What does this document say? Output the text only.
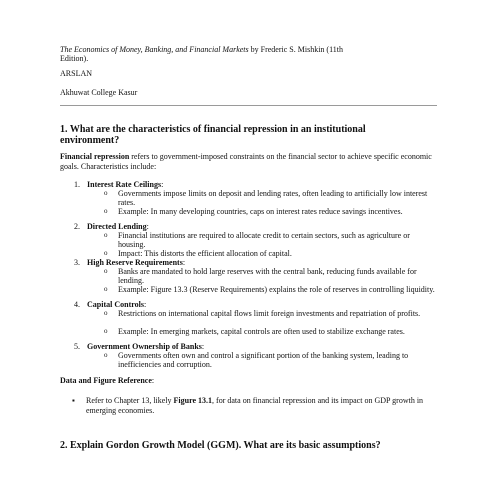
The Economics of Money, Banking, and Financial Markets by Frederic S. Mishkin (11th
Edition).
ARSLAN
Akhuwat College Kasur
1. What are the characteristics of financial repression in an institutional
environment?
Financial repression refers to government-imposed constraints on the financial sector to achieve specific economic goals. Characteristics include:
1. Interest Rate Ceilings:
o Governments impose limits on deposit and lending rates, often leading to artificially low interest rates.
o Example: In many developing countries, caps on interest rates reduce savings incentives.
2. Directed Lending:
o Financial institutions are required to allocate credit to certain sectors, such as agriculture or housing.
o Impact: This distorts the efficient allocation of capital.
3. High Reserve Requirements:
o Banks are mandated to hold large reserves with the central bank, reducing funds available for lending.
o Example: Figure 13.3 (Reserve Requirements) explains the role of reserves in controlling liquidity.
4. Capital Controls:
o Restrictions on international capital flows limit foreign investments and repatriation of profits.
o Example: In emerging markets, capital controls are often used to stabilize exchange rates.
5. Government Ownership of Banks:
o Governments often own and control a significant portion of the banking system, leading to inefficiencies and corruption.
Data and Figure Reference:
▪ Refer to Chapter 13, likely Figure 13.1, for data on financial repression and its impact on GDP growth in emerging economies.
2. Explain Gordon Growth Model (GGM). What are its basic assumptions?
